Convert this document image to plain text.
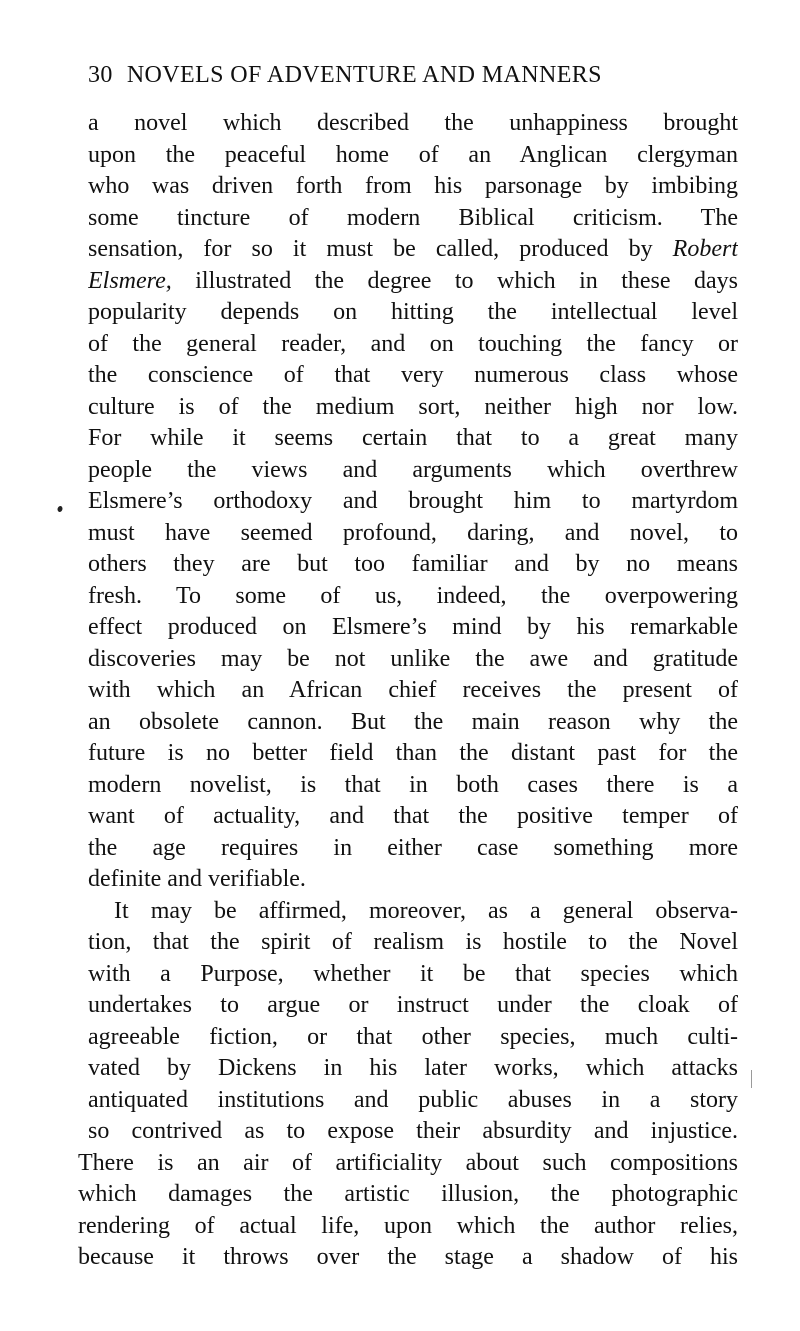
30 NOVELS OF ADVENTURE AND MANNERS
a novel which described the unhappiness brought
upon the peaceful home of an Anglican clergyman
who was driven forth from his parsonage by imbibing
some tincture of modern Biblical criticism. The
sensation, for so it must be called, produced by Robert
Elsmere, illustrated the degree to which in these days
popularity depends on hitting the intellectual level
of the general reader, and on touching the fancy or
the conscience of that very numerous class whose
culture is of the medium sort, neither high nor low.
For while it seems certain that to a great many
people the views and arguments which overthrew
Elsmere’s orthodoxy and brought him to martyrdom
must have seemed profound, daring, and novel, to
others they are but too familiar and by no means
fresh. To some of us, indeed, the overpowering
effect produced on Elsmere’s mind by his remarkable
discoveries may be not unlike the awe and gratitude
with which an African chief receives the present of
an obsolete cannon. But the main reason why the
future is no better field than the distant past for the
modern novelist, is that in both cases there is a
want of actuality, and that the positive temper of
the age requires in either case something more
definite and verifiable.
It may be affirmed, moreover, as a general observa-
tion, that the spirit of realism is hostile to the Novel
with a Purpose, whether it be that species which
undertakes to argue or instruct under the cloak of
agreeable fiction, or that other species, much culti-
vated by Dickens in his later works, which attacks
antiquated institutions and public abuses in a story
so contrived as to expose their absurdity and injustice.
There is an air of artificiality about such compositions
which damages the artistic illusion, the photographic
rendering of actual life, upon which the author relies,
because it throws over the stage a shadow of his
